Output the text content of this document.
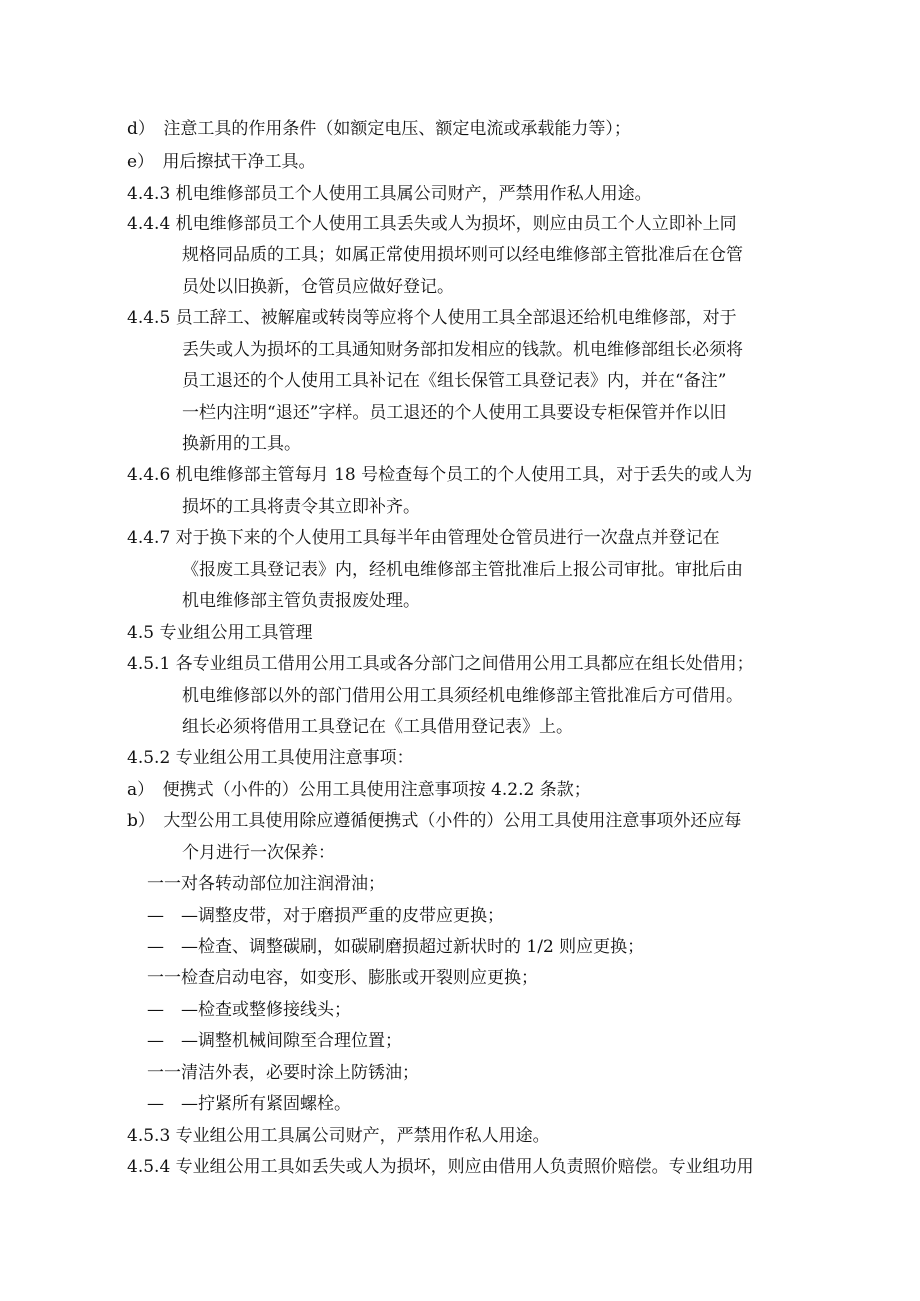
d）　注意工具的作用条件（如额定电压、额定电流或承载能力等）；
e）　用后擦拭干净工具。
4.4.3 机电维修部员工个人使用工具属公司财产，严禁用作私人用途。
4.4.4 机电维修部员工个人使用工具丢失或人为损坏，则应由员工个人立即补上同
规格同品质的工具；如属正常使用损坏则可以经电维修部主管批准后在仓管
员处以旧换新，仓管员应做好登记。
4.4.5 员工辞工、被解雇或转岗等应将个人使用工具全部退还给机电维修部，对于
丢失或人为损坏的工具通知财务部扣发相应的钱款。机电维修部组长必须将
员工退还的个人使用工具补记在《组长保管工具登记表》内，并在“备注”
一栏内注明“退还”字样。员工退还的个人使用工具要设专柜保管并作以旧
换新用的工具。
4.4.6 机电维修部主管每月 18 号检查每个员工的个人使用工具，对于丢失的或人为
损坏的工具将责令其立即补齐。
4.4.7 对于换下来的个人使用工具每半年由管理处仓管员进行一次盘点并登记在
《报废工具登记表》内，经机电维修部主管批准后上报公司审批。审批后由
机电维修部主管负责报废处理。
4.5 专业组公用工具管理
4.5.1 各专业组员工借用公用工具或各分部门之间借用公用工具都应在组长处借用；
机电维修部以外的部门借用公用工具须经机电维修部主管批准后方可借用。
组长必须将借用工具登记在《工具借用登记表》上。
4.5.2 专业组公用工具使用注意事项：
a）　便携式（小件的）公用工具使用注意事项按 4.2.2 条款；
b）　大型公用工具使用除应遵循便携式（小件的）公用工具使用注意事项外还应每
个月进行一次保养：
一一对各转动部位加注润滑油；
—　—调整皮带，对于磨损严重的皮带应更换；
—　—检查、调整碳刷，如碳刷磨损超过新状时的 1/2 则应更换；
一一检查启动电容，如变形、膨胀或开裂则应更换；
—　—检查或整修接线头；
—　—调整机械间隙至合理位置；
一一清洁外表，必要时涂上防锈油；
—　—拧紧所有紧固螺栓。
4.5.3 专业组公用工具属公司财产，严禁用作私人用途。
4.5.4 专业组公用工具如丢失或人为损坏，则应由借用人负责照价赔偿。专业组功用
